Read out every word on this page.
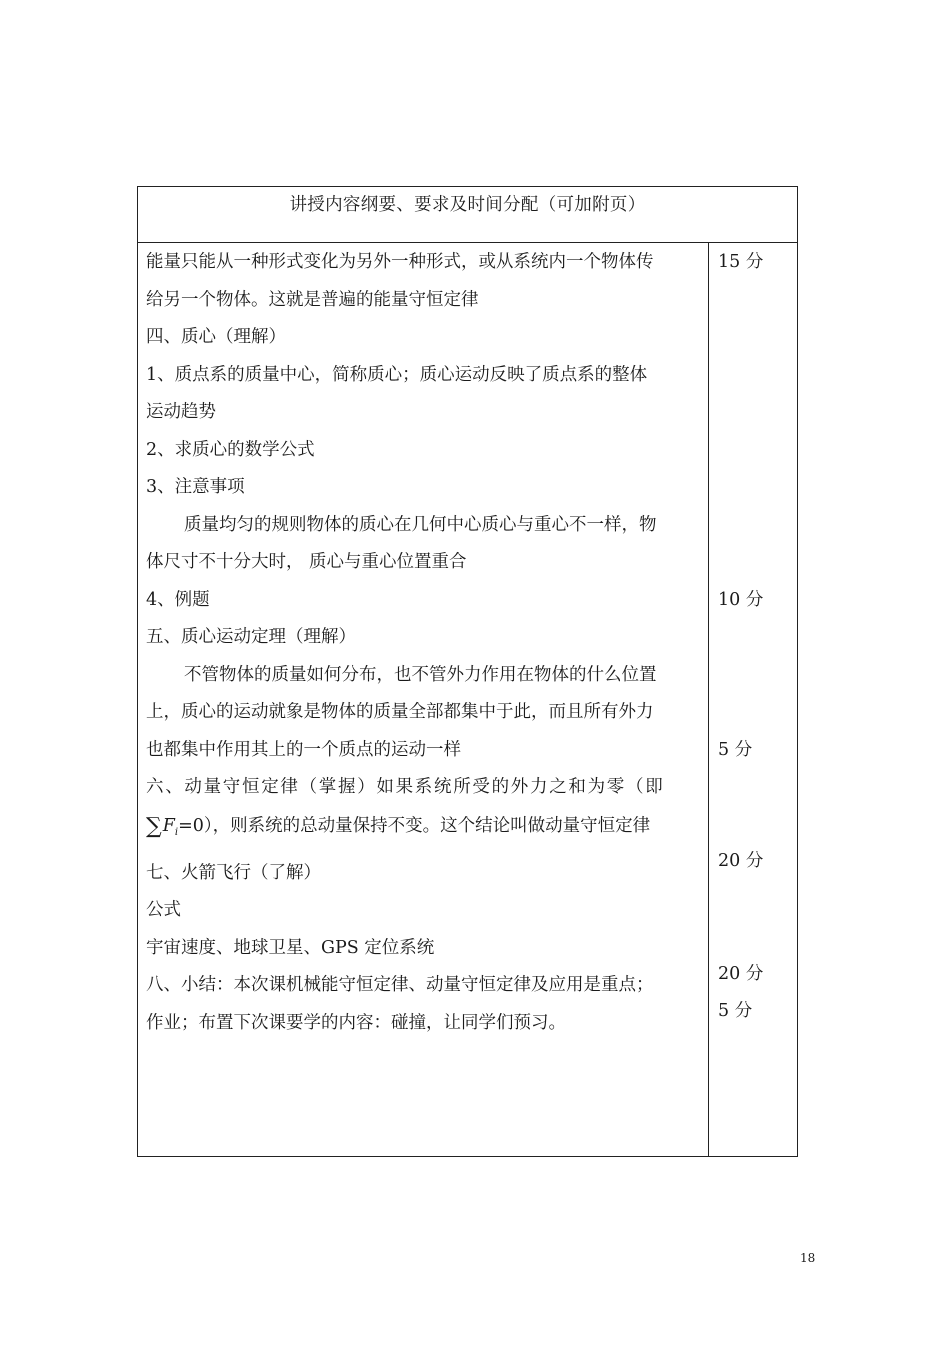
讲授内容纲要、要求及时间分配（可加附页）
能量只能从一种形式变化为另外一种形式，或从系统内一个物体传
给另一个物体。这就是普遍的能量守恒定律
四、质心（理解）
1、质点系的质量中心，简称质心；质心运动反映了质点系的整体
运动趋势
2、求质心的数学公式
3、注意事项
质量均匀的规则物体的质心在几何中心质心与重心不一样，物
体尺寸不十分大时， 质心与重心位置重合
4、例题
五、质心运动定理（理解）
不管物体的质量如何分布，也不管外力作用在物体的什么位置
上，质心的运动就象是物体的质量全部都集中于此，而且所有外力
也都集中作用其上的一个质点的运动一样
六、动量守恒定律（掌握）如果系统所受的外力之和为零（即
$\sum F_i=0$），则系统的总动量保持不变。这个结论叫做动量守恒定律
七、火箭飞行（了解）
公式
宇宙速度、地球卫星、GPS 定位系统
八、小结：本次课机械能守恒定律、动量守恒定律及应用是重点；
作业；布置下次课要学的内容：碰撞，让同学们预习。
15 分
10 分
5 分
20 分
20 分
5 分
18
